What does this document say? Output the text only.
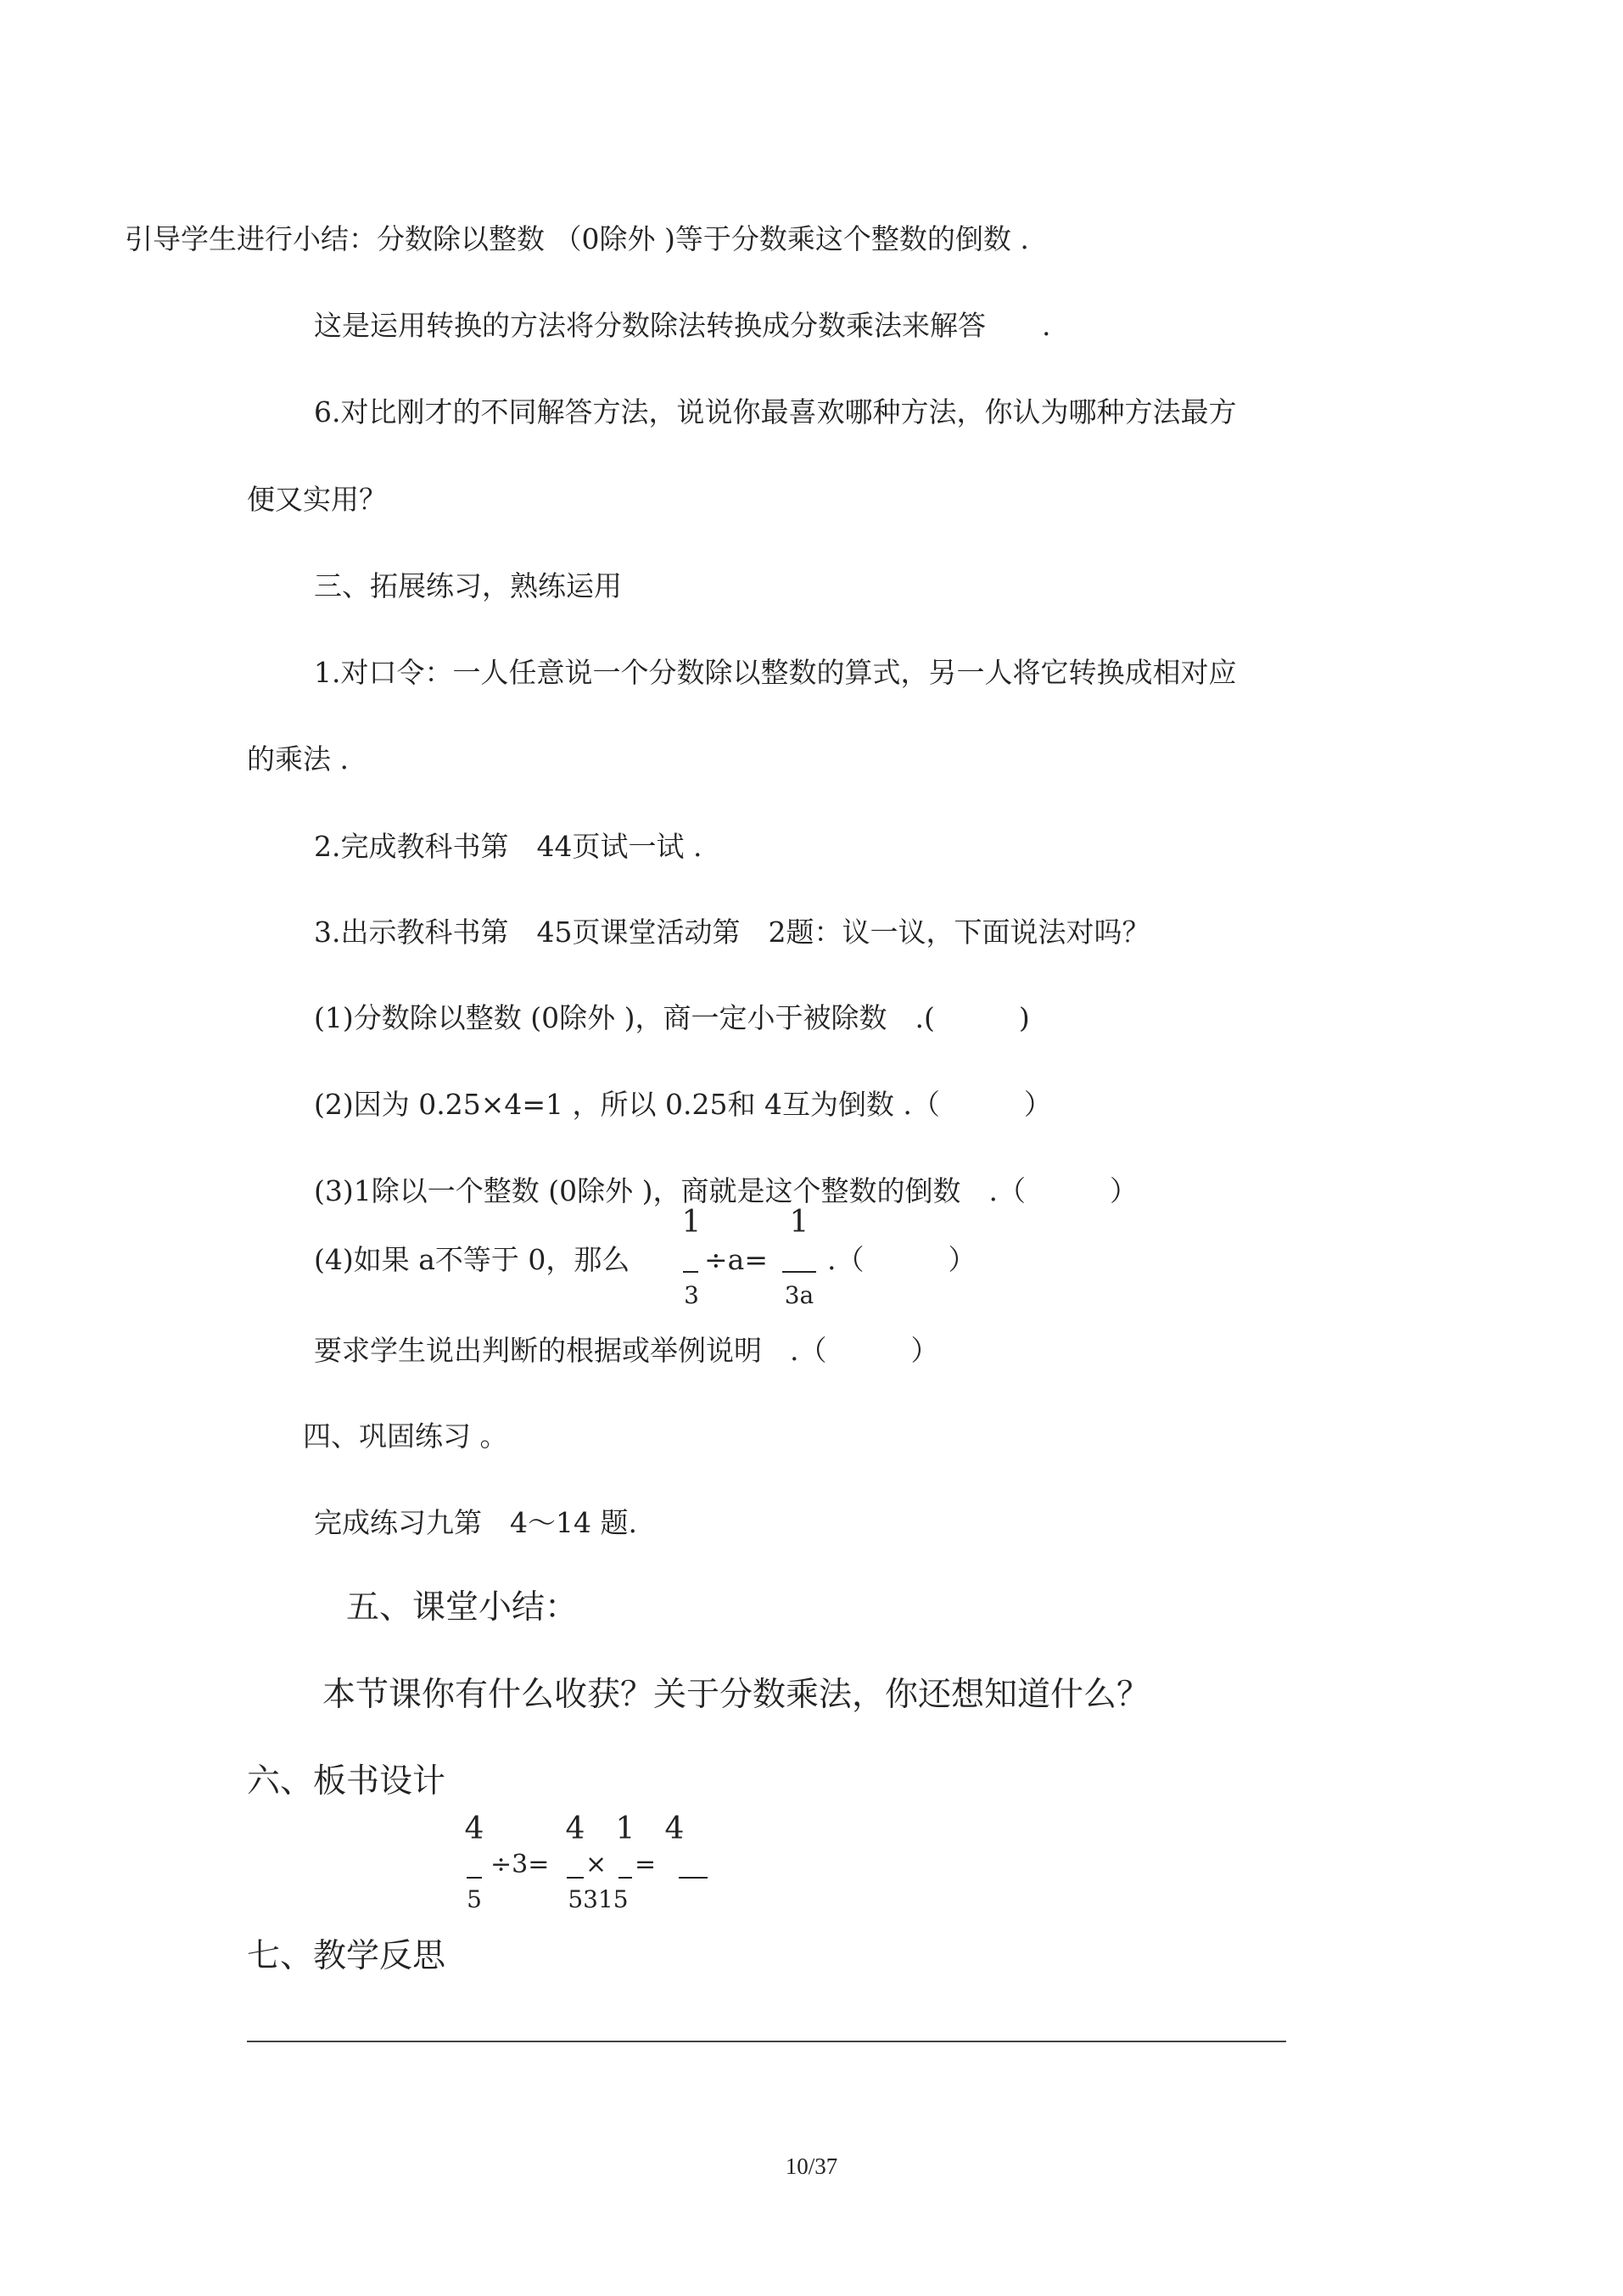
引导学生进行小结：分数除以整数 （0除外 )等于分数乘这个整数的倒数 .
这是运用转换的方法将分数除法转换成分数乘法来解答　　.
6.对比刚才的不同解答方法，说说你最喜欢哪种方法，你认为哪种方法最方
便又实用？
三、拓展练习，熟练运用
1.对口令：一人任意说一个分数除以整数的算式，另一人将它转换成相对应
的乘法 .
2.完成教科书第　44页试一试 .
3.出示教科书第　45页课堂活动第　2题：议一议，下面说法对吗？
(1)分数除以整数 (0除外 )，商一定小于被除数　.(　　　)
(2)因为 0.25×4=1 ，所以 0.25和 4互为倒数 .（　　　）
(3)1除以一个整数 (0除外 )，商就是这个整数的倒数　.（　　　）
(4)如果 a不等于 0，那么
1
3
÷a=
1
3a
.（　　　）
要求学生说出判断的根据或举例说明　.（　　　）
四、巩固练习 。
完成练习九第　4～14 题.
五、课堂小结：
本节课你有什么收获？关于分数乘法，你还想知道什么？
六、板书设计
4
5
÷3=
4
×
1
=
5315
4
七、教学反思
10/37
